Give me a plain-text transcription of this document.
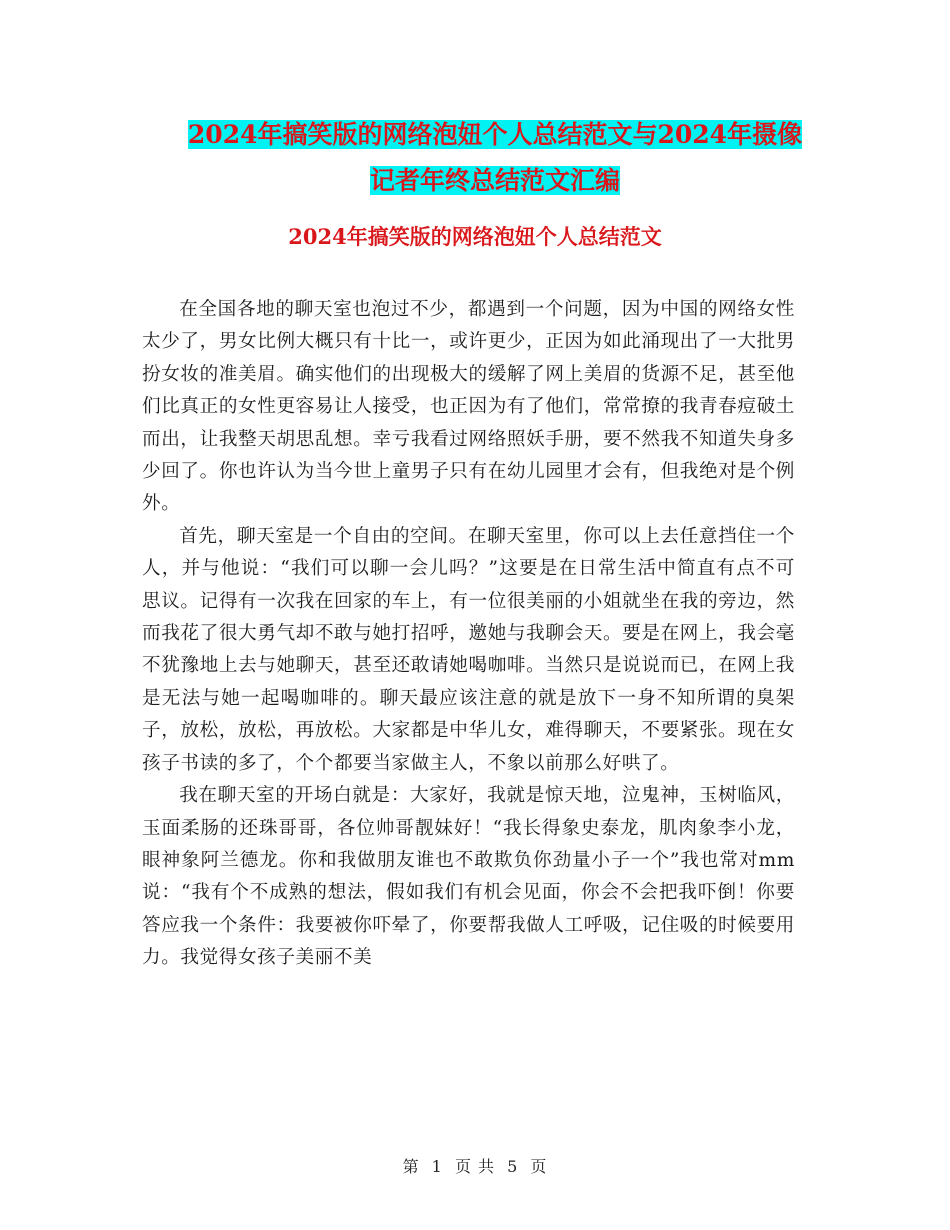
2024年搞笑版的网络泡妞个人总结范文与2024年摄像
记者年终总结范文汇编
2024年搞笑版的网络泡妞个人总结范文

在全国各地的聊天室也泡过不少，都遇到一个问题，因为中国的网络女性太少了，男女比例大概只有十比一，或许更少，正因为如此涌现出了一大批男扮女妆的准美眉。确实他们的出现极大的缓解了网上美眉的货源不足，甚至他们比真正的女性更容易让人接受，也正因为有了他们，常常撩的我青春痘破土而出，让我整天胡思乱想。幸亏我看过网络照妖手册，要不然我不知道失身多少回了。你也许认为当今世上童男子只有在幼儿园里才会有，但我绝对是个例外。

首先，聊天室是一个自由的空间。在聊天室里，你可以上去任意挡住一个人，并与他说：“我们可以聊一会儿吗？”这要是在日常生活中简直有点不可思议。记得有一次我在回家的车上，有一位很美丽的小姐就坐在我的旁边，然而我花了很大勇气却不敢与她打招呼，邀她与我聊会天。要是在网上，我会毫不犹豫地上去与她聊天，甚至还敢请她喝咖啡。当然只是说说而已，在网上我是无法与她一起喝咖啡的。聊天最应该注意的就是放下一身不知所谓的臭架子，放松，放松，再放松。大家都是中华儿女，难得聊天，不要紧张。现在女孩子书读的多了，个个都要当家做主人，不象以前那么好哄了。

我在聊天室的开场白就是：大家好，我就是惊天地，泣鬼神，玉树临风，玉面柔肠的还珠哥哥，各位帅哥靓妹好！“我长得象史泰龙，肌肉象李小龙，眼神象阿兰德龙。你和我做朋友谁也不敢欺负你劲量小子一个”我也常对mm说：“我有个不成熟的想法，假如我们有机会见面，你会不会把我吓倒！你要答应我一个条件：我要被你吓晕了，你要帮我做人工呼吸，记住吸的时候要用力。我觉得女孩子美丽不美

第 1 页 共 5 页
